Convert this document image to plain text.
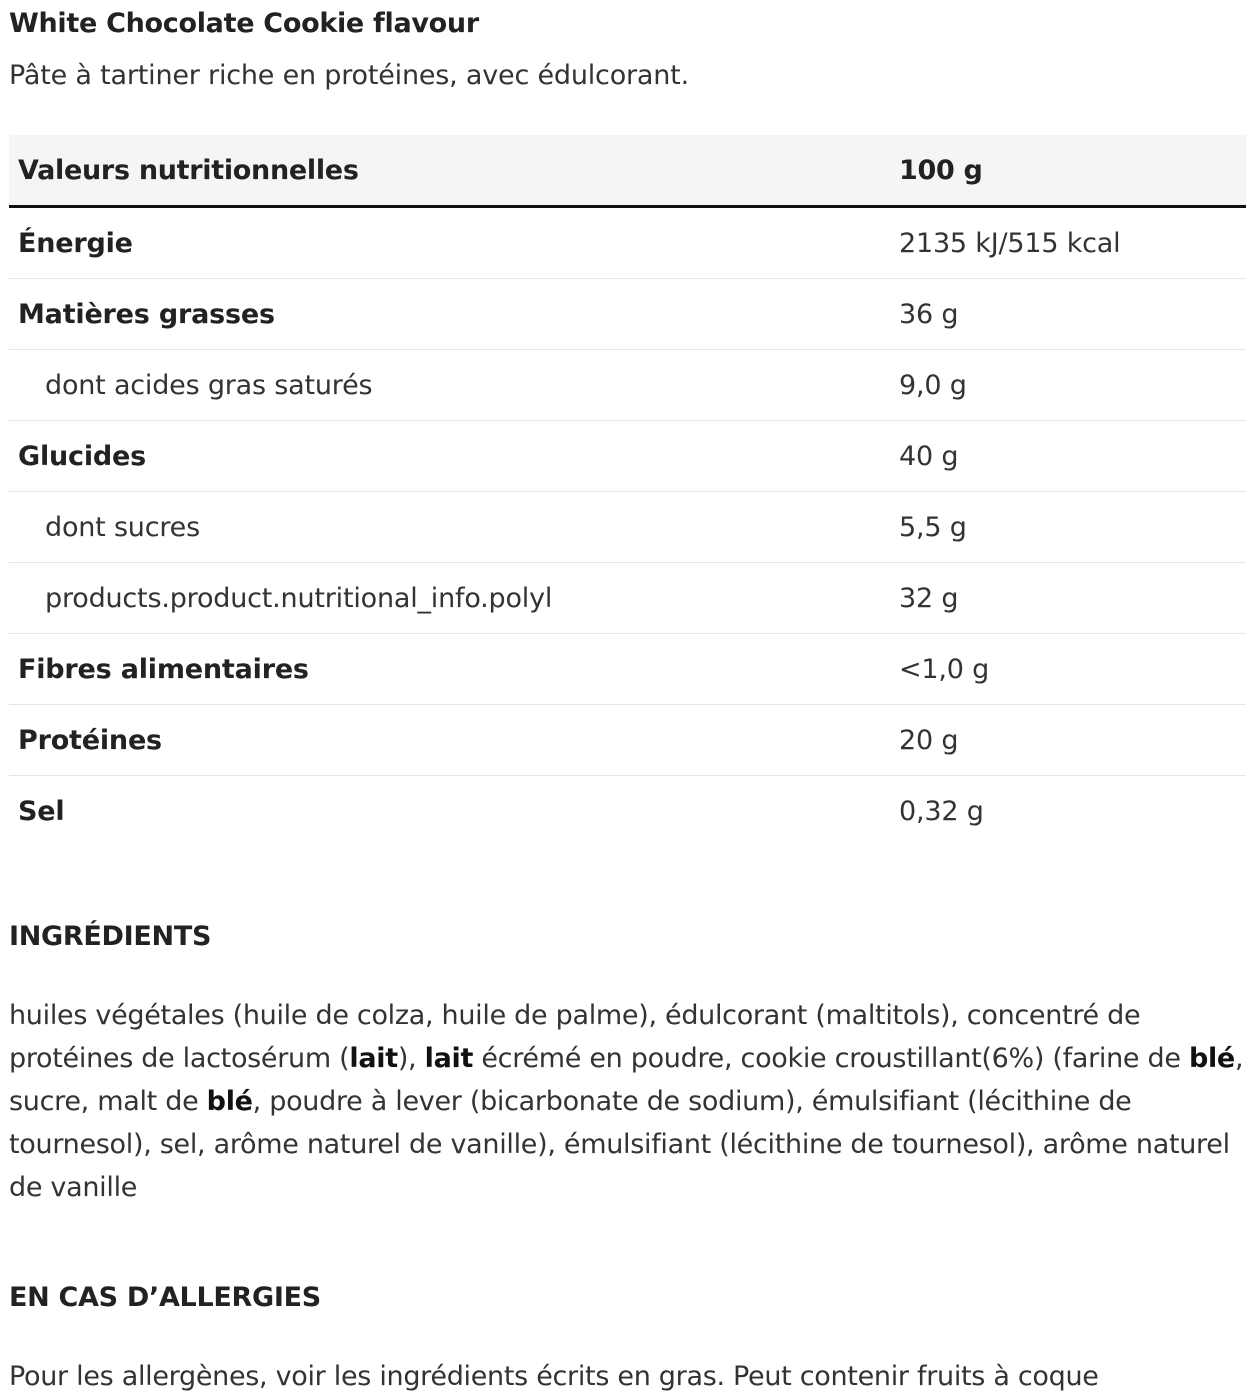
White Chocolate Cookie flavour
Pâte à tartiner riche en protéines, avec édulcorant.
Valeurs nutritionnelles	100 g
Énergie	2135 kJ/515 kcal
Matières grasses	36 g
dont acides gras saturés	9,0 g
Glucides	40 g
dont sucres	5,5 g
products.product.nutritional_info.polyl	32 g
Fibres alimentaires	<1,0 g
Protéines	20 g
Sel	0,32 g
INGRÉDIENTS
huiles végétales (huile de colza, huile de palme), édulcorant (maltitols), concentré de protéines de lactosérum (lait), lait écrémé en poudre, cookie croustillant(6%) (farine de blé, sucre, malt de blé, poudre à lever (bicarbonate de sodium), émulsifiant (lécithine de tournesol), sel, arôme naturel de vanille), émulsifiant (lécithine de tournesol), arôme naturel de vanille
EN CAS D’ALLERGIES
Pour les allergènes, voir les ingrédients écrits en gras. Peut contenir fruits à coque
